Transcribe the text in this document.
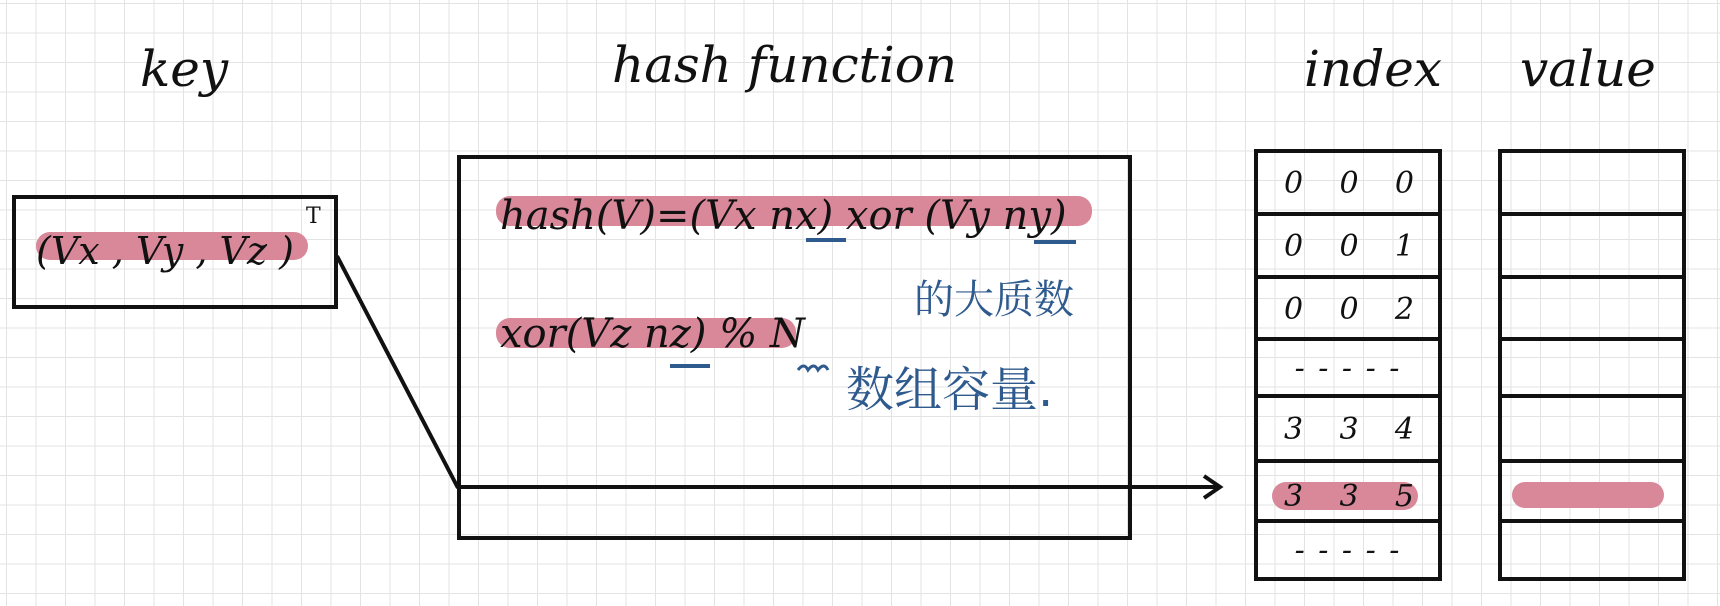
key	hash function	index value
(Vx , Vy , Vz )
T	hash(V)=(Vx nx) xor (Vy ny)
xor(Vz nz) % N
的大质数
数组容量.
0 0 0
0 0 1
0 0 2
- - - - -
3 3 4
3 3 5
- - - - -
